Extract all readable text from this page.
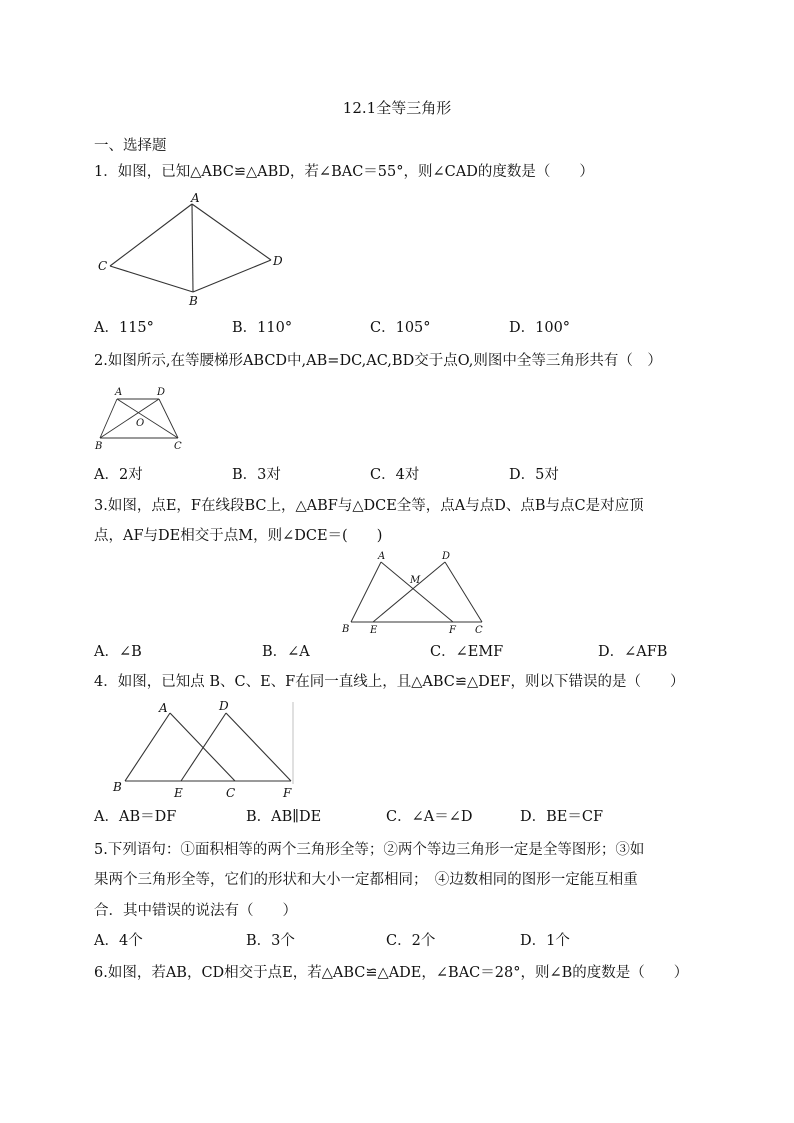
12.1全等三角形
一、选择题
1．如图，已知△ABC≌△ABD，若∠BAC＝55°，则∠CAD的度数是（　　）
A
B
C	D
A．115°	B．110°	C．105°	D．100°
2.如图所示,在等腰梯形ABCD中,AB=DC,AC,BD交于点O,则图中全等三角形共有（　）
A	D
O
B	C
A．2对	B．3对	C．4对	D．5对
3.如图，点E，F在线段BC上，△ABF与△DCE全等，点A与点D、点B与点C是对应顶
点，AF与DE相交于点M，则∠DCE＝(　　)
A	D
M
B E	F C
A．∠B	B．∠A	C．∠EMF	D．∠AFB
4．如图，已知点 B、C、E、F在同一直线上，且△ABC≌△DEF，则以下错误的是（　　）
A	D
B	E	C	F
A．AB＝DF	B．AB∥DE	C．∠A＝∠D	D．BE＝CF
5.下列语句：①面积相等的两个三角形全等；②两个等边三角形一定是全等图形；③如
果两个三角形全等，它们的形状和大小一定都相同；　④边数相同的图形一定能互相重
合．其中错误的说法有（　　）
A．4个	B．3个	C．2个	D．1个
6.如图，若AB，CD相交于点E，若△ABC≌△ADE，∠BAC＝28°，则∠B的度数是（　　）
